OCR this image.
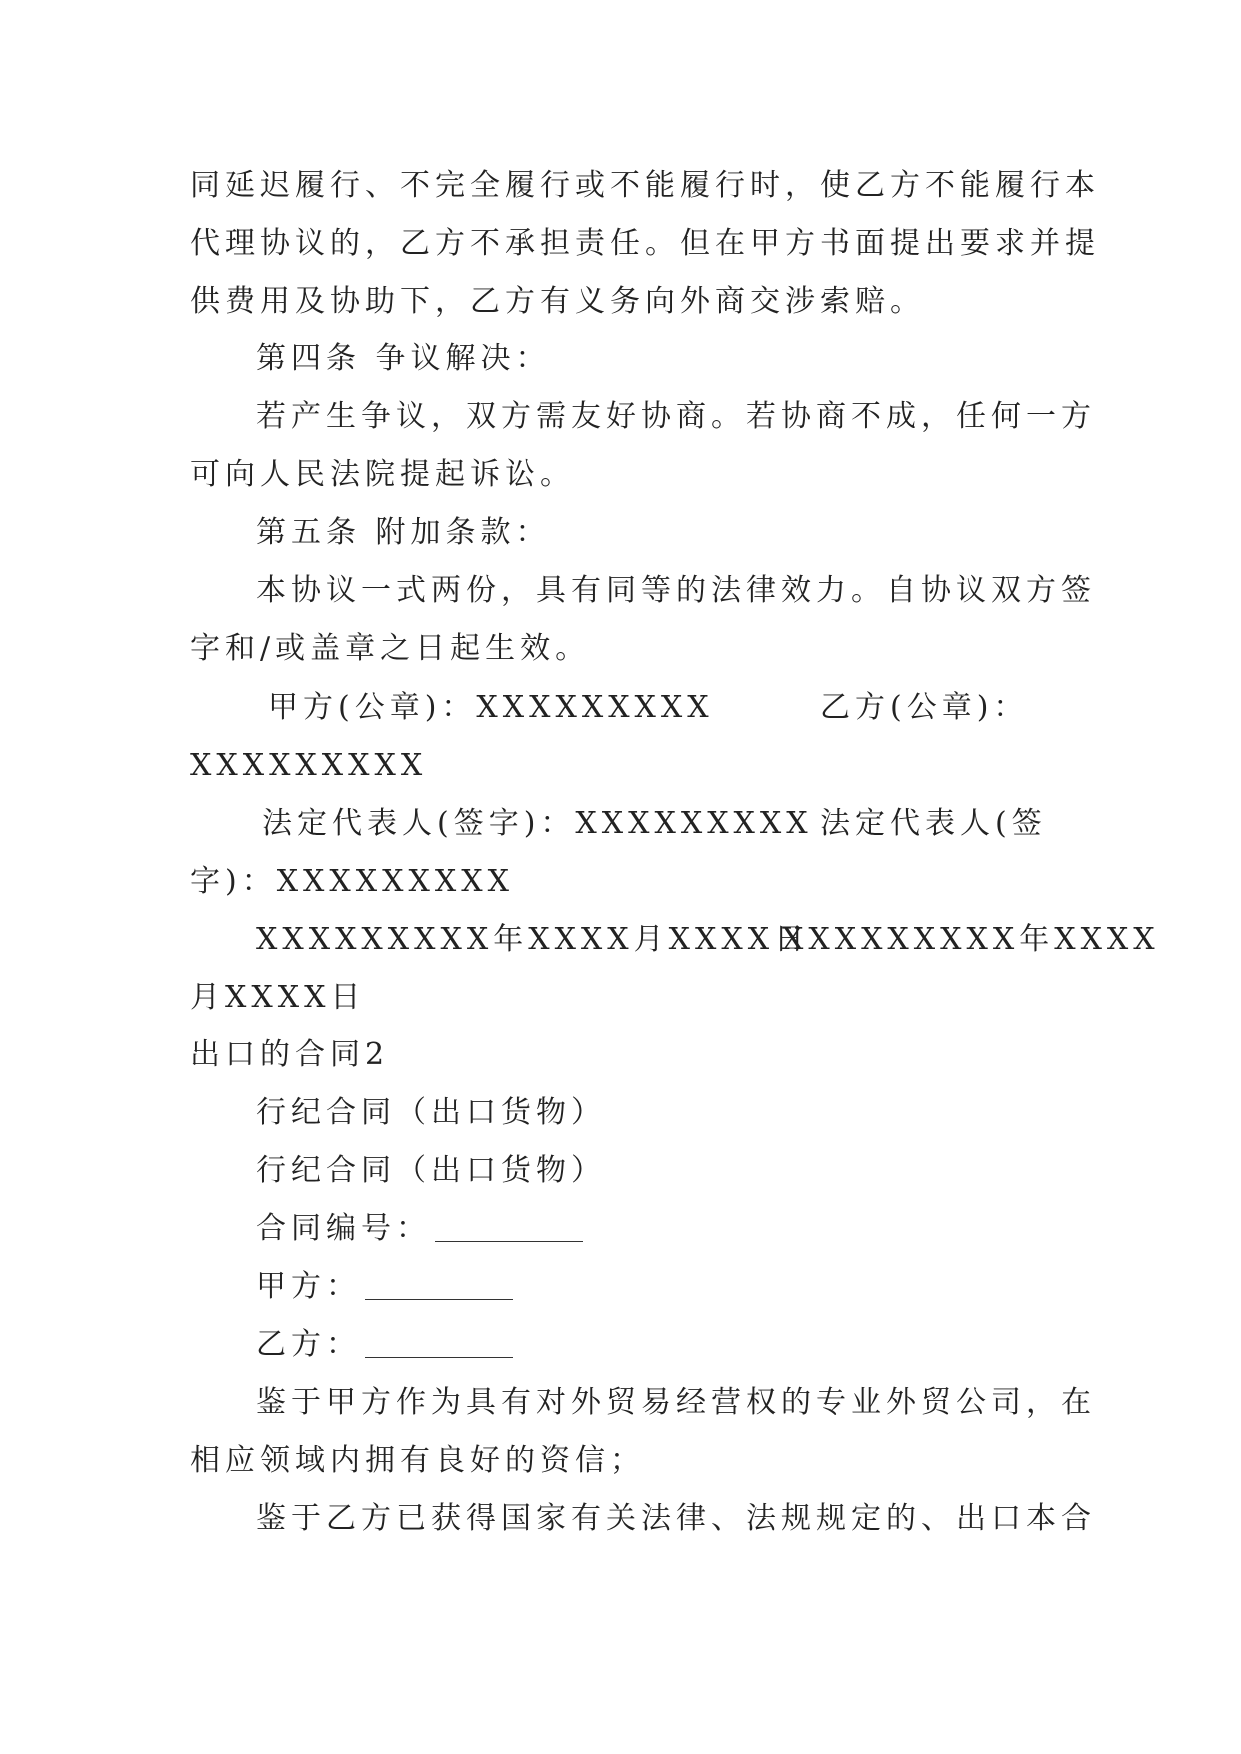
同延迟履行、不完全履行或不能履行时，使乙方不能履行本
代理协议的，乙方不承担责任。但在甲方书面提出要求并提
供费用及协助下，乙方有义务向外商交涉索赔。
第四条 争议解决：
若产生争议，双方需友好协商。若协商不成，任何一方
可向人民法院提起诉讼。
第五条 附加条款：
本协议一式两份，具有同等的法律效力。自协议双方签
字和/或盖章之日起生效。
甲方(公章)：XXXXXXXXX	乙方(公章)：
XXXXXXXXX
法定代表人(签字)：XXXXXXXXX 法定代表人(签
字)：XXXXXXXXX
XXXXXXXXX年XXXX月XXXX日
XXXXXXXXX年XXXX
月XXXX日
出口的合同2
行纪合同（出口货物）
行纪合同（出口货物）
合同编号：
甲方：
乙方：
鉴于甲方作为具有对外贸易经营权的专业外贸公司，在
相应领域内拥有良好的资信；
鉴于乙方已获得国家有关法律、法规规定的、出口本合
